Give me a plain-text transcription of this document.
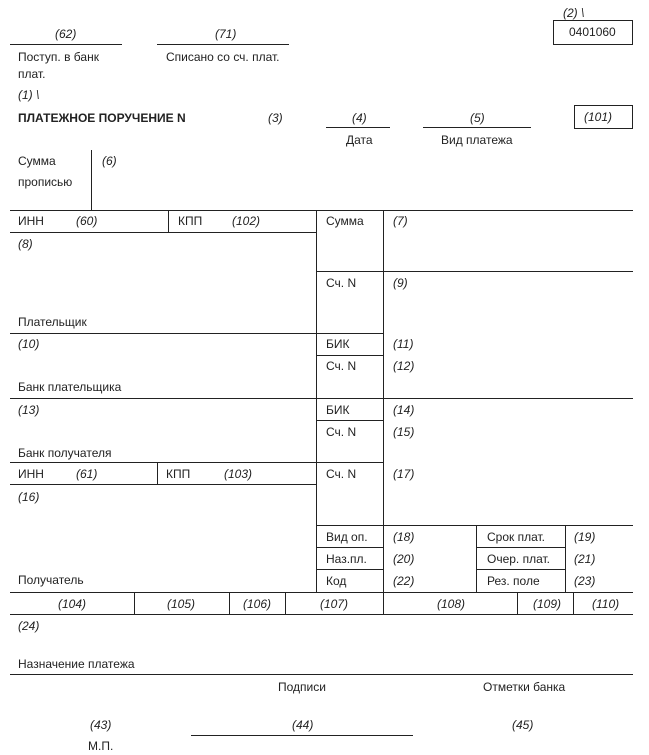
(2) \
0401060
(62)
Поступ. в банк
плат.
(71)
Списано со сч. плат.
(1) \
ПЛАТЕЖНОЕ ПОРУЧЕНИЕ N	(3)	(4)
Дата
(5)
Вид платежа
(101)
Сумма
прописью
(6)
ИНН	(60)	КПП (102)
(8)
Плательщик
Сумма (7)
Сч. N	(9)
(10)
Банк плательщика
БИК	(11)
Сч. N	(12)
(13)
Банк получателя
БИК	(14)
Сч. N	(15)
ИНН	(61)	КПП	(103)	Сч. N	(17)
(16)
Получатель
Вид оп. (18)	Срок плат. (19)
Наз.пл. (20)	Очер. плат. (21)
Код	(22)	Рез. поле	(23)
(104)	(105)	(106)	(107)	(108)	(109)	(110)
(24)
Назначение платежа
Подписи	Отметки банка
(43)	(44)	(45)
М.П.
